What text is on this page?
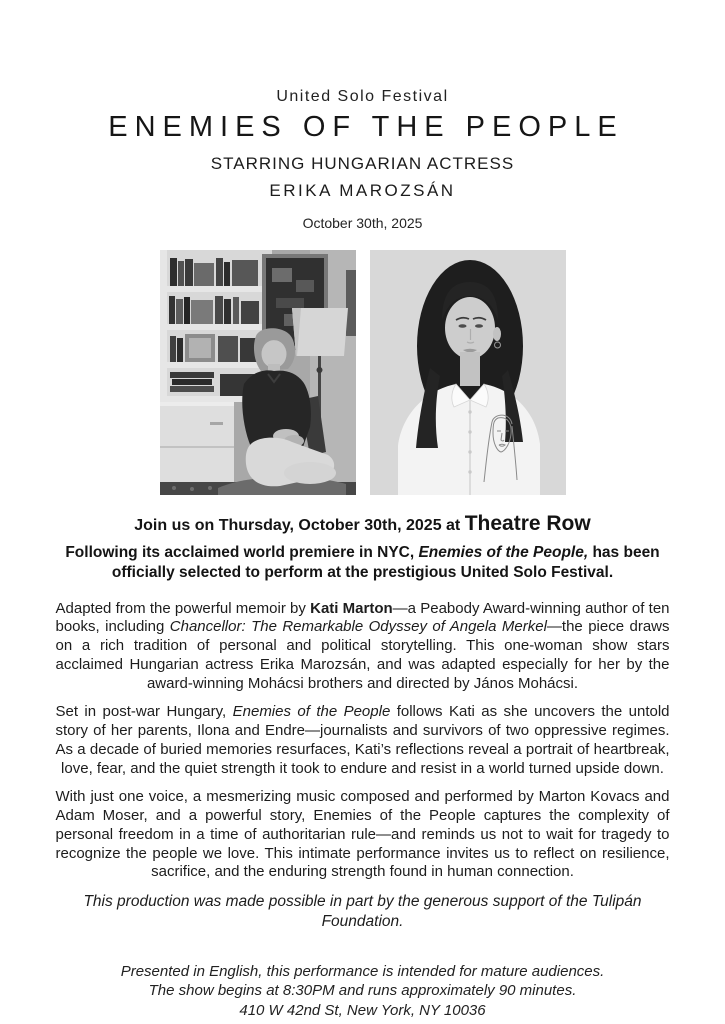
United Solo Festival
ENEMIES OF THE PEOPLE
STARRING HUNGARIAN ACTRESS
ERIKA MAROZSÁN
October 30th, 2025
Join us on Thursday, October 30th, 2025 at Theatre Row
Following its acclaimed world premiere in NYC, Enemies of the People, has been officially selected to perform at the prestigious United Solo Festival.

Adapted from the powerful memoir by Kati Marton—a Peabody Award-winning author of ten books, including Chancellor: The Remarkable Odyssey of Angela Merkel—the piece draws on a rich tradition of personal and political storytelling. This one-woman show stars acclaimed Hungarian actress Erika Marozsán, and was adapted especially for her by the award-winning Mohácsi brothers and directed by János Mohácsi.

Set in post-war Hungary, Enemies of the People follows Kati as she uncovers the untold story of her parents, Ilona and Endre—journalists and survivors of two oppressive regimes. As a decade of buried memories resurfaces, Kati’s reflections reveal a portrait of heartbreak, love, fear, and the quiet strength it took to endure and resist in a world turned upside down.

With just one voice, a mesmerizing music composed and performed by Marton Kovacs and Adam Moser, and a powerful story, Enemies of the People captures the complexity of personal freedom in a time of authoritarian rule—and reminds us not to wait for tragedy to recognize the people we love. This intimate performance invites us to reflect on resilience, sacrifice, and the enduring strength found in human connection.

This production was made possible in part by the generous support of the Tulipán Foundation.

Presented in English, this performance is intended for mature audiences.
The show begins at 8:30PM and runs approximately 90 minutes.
410 W 42nd St, New York, NY 10036
